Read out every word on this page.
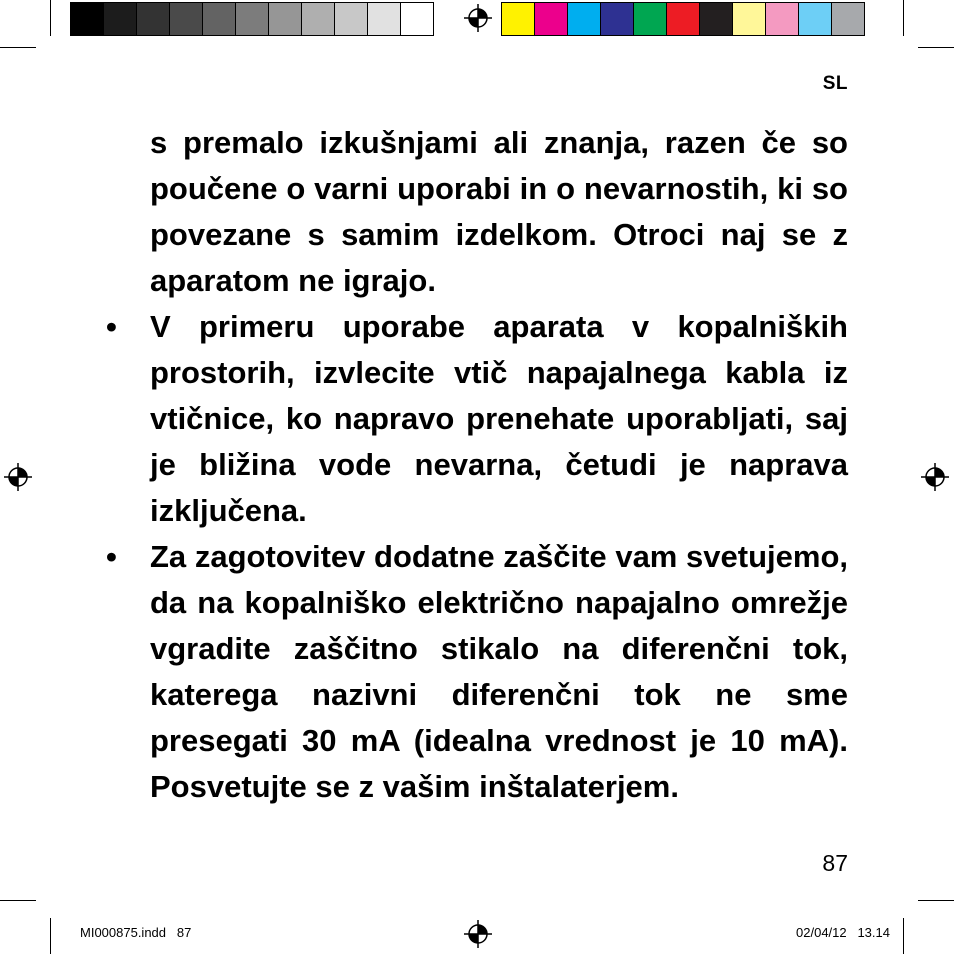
SL

s premalo izkušnjami ali znanja, razen če so poučene o varni uporabi in o nevarnostih, ki so povezane s samim izdelkom. Otroci naj se z aparatom ne igrajo.

• V primeru uporabe aparata v kopalniških prostorih, izvlecite vtič napajalnega kabla iz vtičnice, ko napravo prenehate uporabljati, saj je bližina vode nevarna, četudi je naprava izključena.

• Za zagotovitev dodatne zaščite vam svetujemo, da na kopalniško električno napajalno omrežje vgradite zaščitno stikalo na diferenčni tok, katerega nazivni diferenčni tok ne sme presegati 30 mA (idealna vrednost je 10 mA). Posvetujte se z vašim inštalaterjem.

87
MI000875.indd   87	02/04/12   13.14
